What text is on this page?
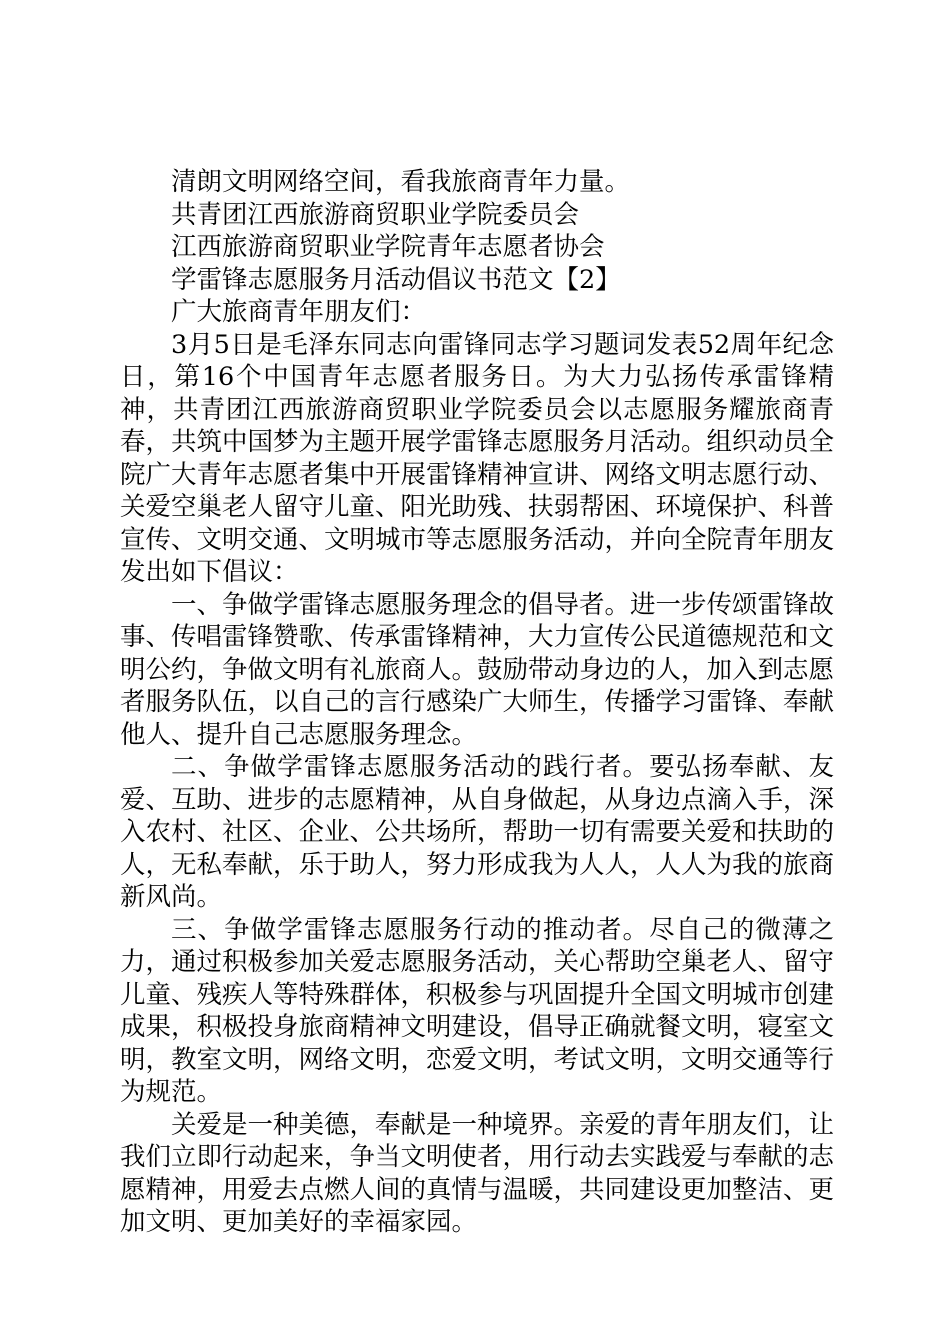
清朗文明网络空间，看我旅商青年力量。

共青团江西旅游商贸职业学院委员会

江西旅游商贸职业学院青年志愿者协会

学雷锋志愿服务月活动倡议书范文【2】

广大旅商青年朋友们：

3月5日是毛泽东同志向雷锋同志学习题词发表52周年纪念日，第16个中国青年志愿者服务日。为大力弘扬传承雷锋精神，共青团江西旅游商贸职业学院委员会以志愿服务耀旅商青春，共筑中国梦为主题开展学雷锋志愿服务月活动。组织动员全院广大青年志愿者集中开展雷锋精神宣讲、网络文明志愿行动、关爱空巢老人留守儿童、阳光助残、扶弱帮困、环境保护、科普宣传、文明交通、文明城市等志愿服务活动，并向全院青年朋友发出如下倡议：

一、争做学雷锋志愿服务理念的倡导者。进一步传颂雷锋故事、传唱雷锋赞歌、传承雷锋精神，大力宣传公民道德规范和文明公约，争做文明有礼旅商人。鼓励带动身边的人，加入到志愿者服务队伍，以自己的言行感染广大师生，传播学习雷锋、奉献他人、提升自己志愿服务理念。

二、争做学雷锋志愿服务活动的践行者。要弘扬奉献、友爱、互助、进步的志愿精神，从自身做起，从身边点滴入手，深入农村、社区、企业、公共场所，帮助一切有需要关爱和扶助的人，无私奉献，乐于助人，努力形成我为人人，人人为我的旅商新风尚。

三、争做学雷锋志愿服务行动的推动者。尽自己的微薄之力，通过积极参加关爱志愿服务活动，关心帮助空巢老人、留守儿童、残疾人等特殊群体，积极参与巩固提升全国文明城市创建成果，积极投身旅商精神文明建设，倡导正确就餐文明，寝室文明，教室文明，网络文明，恋爱文明，考试文明，文明交通等行为规范。

关爱是一种美德，奉献是一种境界。亲爱的青年朋友们，让我们立即行动起来，争当文明使者，用行动去实践爱与奉献的志愿精神，用爱去点燃人间的真情与温暖，共同建设更加整洁、更加文明、更加美好的幸福家园。
